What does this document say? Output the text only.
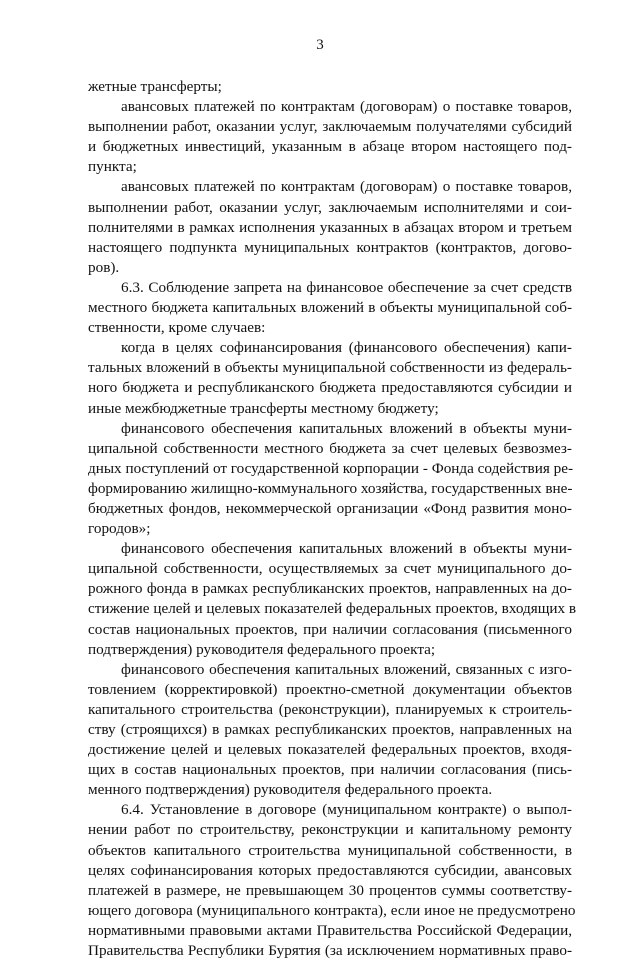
3
жетные трансферты;
авансовых платежей по контрактам (договорам) о поставке товаров,
выполнении работ, оказании услуг, заключаемым получателями субсидий
и бюджетных инвестиций, указанным в абзаце втором настоящего под-
пункта;
авансовых платежей по контрактам (договорам) о поставке товаров,
выполнении работ, оказании услуг, заключаемым исполнителями и сои-
полнителями в рамках исполнения указанных в абзацах втором и третьем
настоящего подпункта муниципальных контрактов (контрактов, догово-
ров).
6.3. Соблюдение запрета на финансовое обеспечение за счет средств
местного бюджета капитальных вложений в объекты муниципальной соб-
ственности, кроме случаев:
когда в целях софинансирования (финансового обеспечения) капи-
тальных вложений в объекты муниципальной собственности из федераль-
ного бюджета и республиканского бюджета предоставляются субсидии и
иные межбюджетные трансферты местному бюджету;
финансового обеспечения капитальных вложений в объекты муни-
ципальной собственности местного бюджета за счет целевых безвозмез-
дных поступлений от государственной корпорации - Фонда содействия ре-
формированию жилищно-коммунального хозяйства, государственных вне-
бюджетных фондов, некоммерческой организации «Фонд развития моно-
городов»;
финансового обеспечения капитальных вложений в объекты муни-
ципальной собственности, осуществляемых за счет муниципального до-
рожного фонда в рамках республиканских проектов, направленных на до-
стижение целей и целевых показателей федеральных проектов, входящих в
состав национальных проектов, при наличии согласования (письменного
подтверждения) руководителя федерального проекта;
финансового обеспечения капитальных вложений, связанных с изго-
товлением (корректировкой) проектно-сметной документации объектов
капитального строительства (реконструкции), планируемых к строитель-
ству (строящихся) в рамках республиканских проектов, направленных на
достижение целей и целевых показателей федеральных проектов, входя-
щих в состав национальных проектов, при наличии согласования (пись-
менного подтверждения) руководителя федерального проекта.
6.4. Установление в договоре (муниципальном контракте) о выпол-
нении работ по строительству, реконструкции и капитальному ремонту
объектов капитального строительства муниципальной собственности, в
целях софинансирования которых предоставляются субсидии, авансовых
платежей в размере, не превышающем 30 процентов суммы соответству-
ющего договора (муниципального контракта), если иное не предусмотрено
нормативными правовыми актами Правительства Российской Федерации,
Правительства Республики Бурятия (за исключением нормативных право-
